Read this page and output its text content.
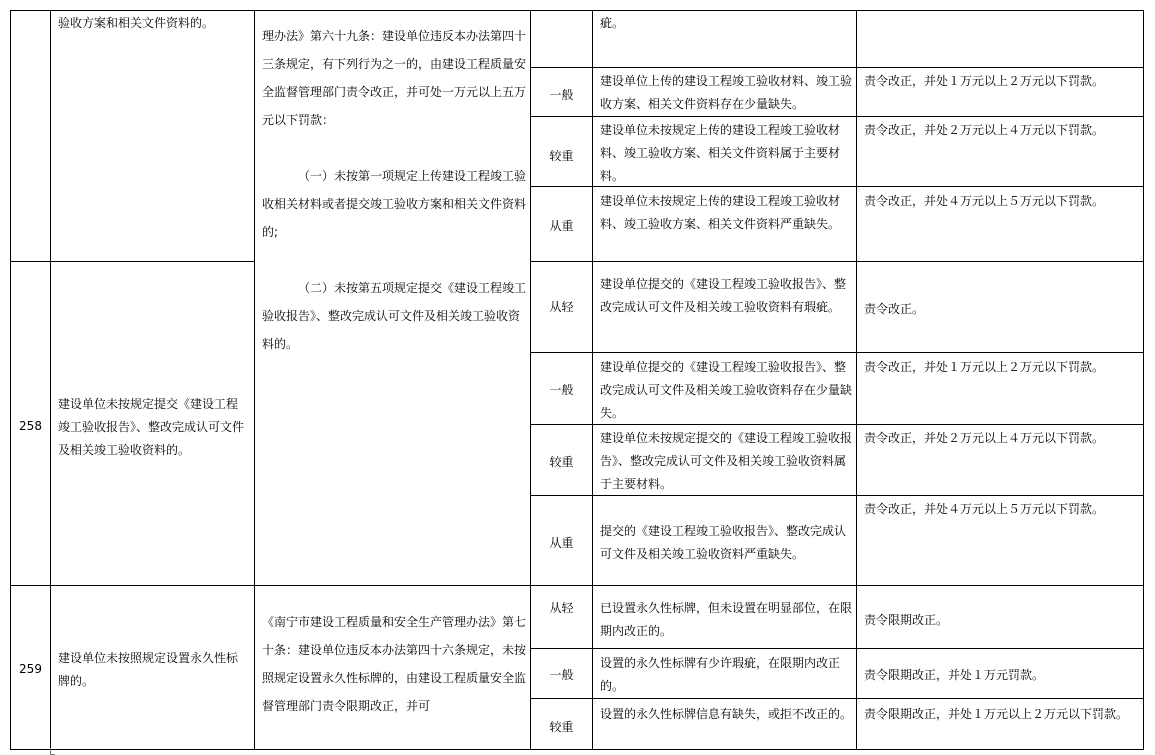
验收方案和相关文件资料的。

理办法》第六十九条：建设单位违反本办法第四十三条规定，有下列行为之一的，由建设工程质量安全监督管理部门责令改正，并可处一万元以上五万元以下罚款：

（一）未按第一项规定上传建设工程竣工验收相关材料或者提交竣工验收方案和相关文件资料的;

（二）未按第五项规定提交《建设工程竣工验收报告》、整改完成认可文件及相关竣工验收资料的。

疵。
一般
建设单位上传的建设工程竣工验收材料、竣工验收方案、相关文件资料存在少量缺失。
责令改正，并处１万元以上２万元以下罚款。
较重
建设单位未按规定上传的建设工程竣工验收材料、竣工验收方案、相关文件资料属于主要材料。
责令改正，并处２万元以上４万元以下罚款。
从重
建设单位未按规定上传的建设工程竣工验收材料、竣工验收方案、相关文件资料严重缺失。
责令改正，并处４万元以上５万元以下罚款。
258
建设单位未按规定提交《建设工程竣工验收报告》、整改完成认可文件及相关竣工验收资料的。
从轻
建设单位提交的《建设工程竣工验收报告》、整改完成认可文件及相关竣工验收资料有瑕疵。	责令改正。
一般
建设单位提交的《建设工程竣工验收报告》、整改完成认可文件及相关竣工验收资料存在少量缺失。
责令改正，并处１万元以上２万元以下罚款。
较重
建设单位未按规定提交的《建设工程竣工验收报告》、整改完成认可文件及相关竣工验收资料属于主要材料。
责令改正，并处２万元以上４万元以下罚款。
从重
提交的《建设工程竣工验收报告》、整改完成认可文件及相关竣工验收资料严重缺失。
责令改正，并处４万元以上５万元以下罚款。
259
建设单位未按照规定设置永久性标牌的。
《南宁市建设工程质量和安全生产管理办法》第七十条：建设单位违反本办法第四十六条规定，未按照规定设置永久性标牌的，由建设工程质量安全监督管理部门责令限期改正，并可
从轻	已设置永久性标牌，但未设置在明显部位，在限期内改正的。
责令限期改正。
一般
设置的永久性标牌有少许瑕疵，在限期内改正的。
责令限期改正，并处１万元罚款。
较重
设置的永久性标牌信息有缺失，或拒不改正的。 责令限期改正，并处１万元以上２万元以下罚款。
